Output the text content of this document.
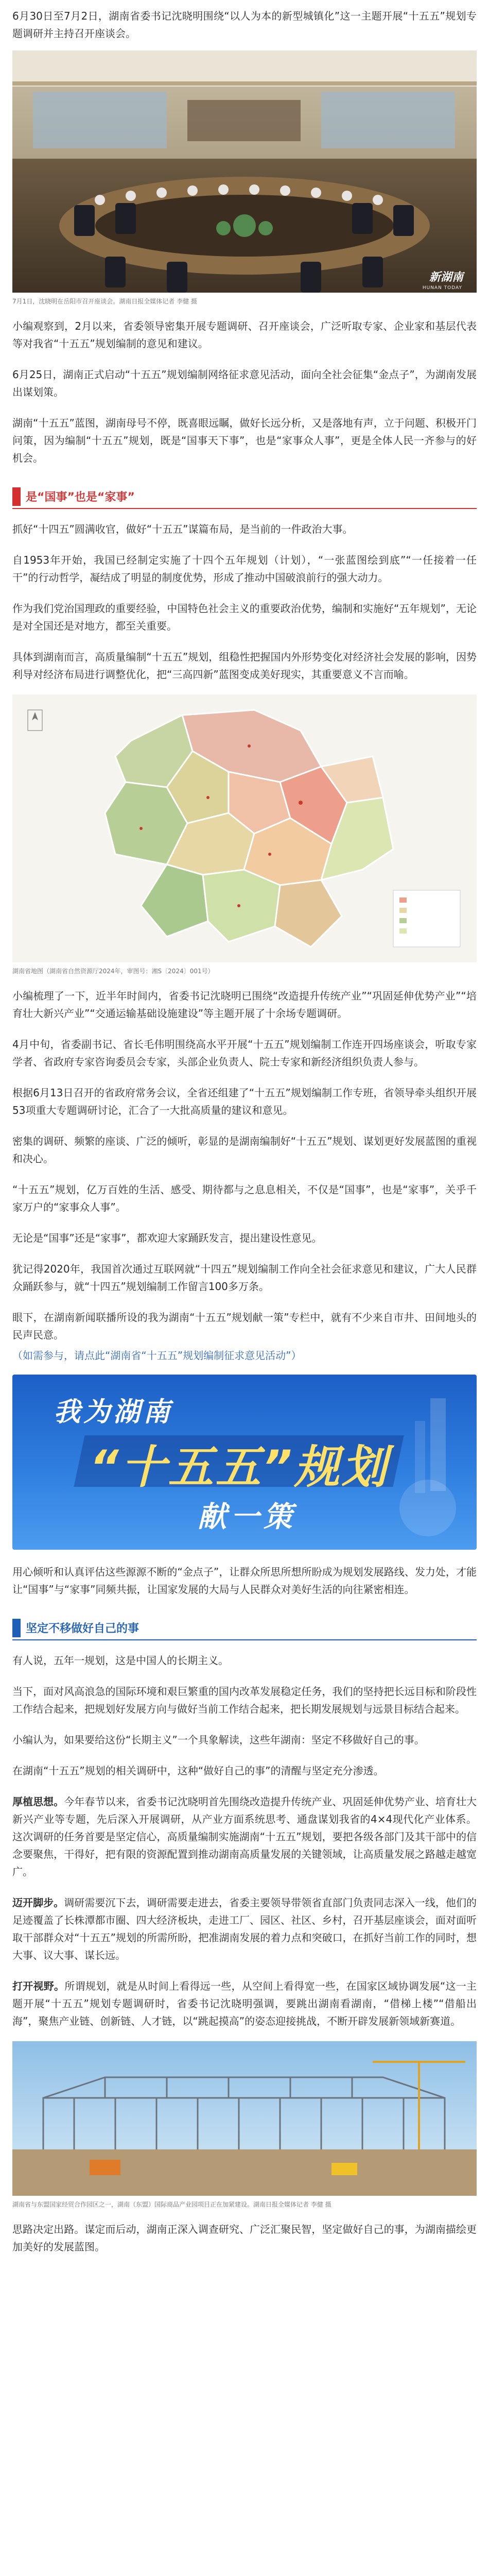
6月30日至7月2日，湖南省委书记沈晓明围绕“以人为本的新型城镇化”这一主题开展“十五五”规划专题调研并主持召开座谈会。

新湖南
HUNAN TODAY
7月1日，沈晓明在岳阳市召开座谈会。湖南日报全媒体记者 李健 摄

小编观察到，2月以来，省委领导密集开展专题调研、召开座谈会，广泛听取专家、企业家和基层代表等对我省“十五五”规划编制的意见和建议。

6月25日，湖南正式启动“十五五”规划编制网络征求意见活动，面向全社会征集“金点子”，为湖南发展出谋划策。

湖南“十五五”蓝图，湖南母号不停，既喜眼远瞩，做好长远分析，又是落地有声，立于问题、积极开门问策，因为编制“十五五”规划，既是“国事天下事”，也是“家事众人事”，更是全体人民一齐参与的好机会。

是“国事”也是“家事”

抓好“十四五”圆满收官，做好“十五五”谋篇布局，是当前的一件政治大事。

自1953年开始，我国已经制定实施了十四个五年规划（计划），“一张蓝图绘到底”“一任接着一任干”的行动哲学，凝结成了明显的制度优势，形成了推动中国破浪前行的强大动力。

作为我们党治国理政的重要经验，中国特色社会主义的重要政治优势，编制和实施好“五年规划”，无论是对全国还是对地方，都至关重要。

具体到湖南而言，高质量编制“十五五”规划，组稳性把握国内外形势变化对经济社会发展的影响，因势利导对经济布局进行调整优化，把“三高四新”蓝图变成美好现实，其重要意义不言而喻。

湖南省地图（湖南省自然资源厅2024年，审图号：湘S〔2024〕001号）

小编梳理了一下，近半年时间内，省委书记沈晓明已围绕“改造提升传统产业”“巩固延伸优势产业”“培育壮大新兴产业”“交通运输基础设施建设”等主题开展了十余场专题调研。

4月中旬，省委副书记、省长毛伟明围绕高水平开展“十五五”规划编制工作连开四场座谈会，听取专家学者、省政府专家咨询委员会专家，头部企业负责人、院士专家和新经济组织负责人参与。

根据6月13日召开的省政府常务会议，全省还组建了“十五五”规划编制工作专班，省领导牵头组织开展53项重大专题调研讨论，汇合了一大批高质量的建议和意见。

密集的调研、频繁的座谈、广泛的倾听，彰显的是湖南编制好“十五五”规划、谋划更好发展蓝图的重视和决心。

“十五五”规划，亿万百姓的生活、感受、期待都与之息息相关，不仅是“国事”，也是“家事”，关乎千家万户的“家事众人事”。

无论是“国事”还是“家事”，都欢迎大家踊跃发言，提出建设性意见。

犹记得2020年，我国首次通过互联网就“十四五”规划编制工作向全社会征求意见和建议，广大人民群众踊跃参与，就“十四五”规划编制工作留言100多万条。

眼下，在湖南新闻联播所设的我为湖南“十五五”规划献一策”专栏中，就有不少来自市井、田间地头的民声民意。

（如需参与，请点此“湖南省“十五五”规划编制征求意见活动”）

我为湖南
“十五五”规划
献一策

用心倾听和认真评估这些源源不断的“金点子”，让群众所思所想所盼成为规划发展路线、发力处，才能让“国事”与“家事”同频共振，让国家发展的大局与人民群众对美好生活的向往紧密相连。

坚定不移做好自己的事

有人说，五年一规划，这是中国人的长期主义。

当下，面对风高浪急的国际环境和艰巨繁重的国内改革发展稳定任务，我们的坚持把长远目标和阶段性工作结合起来，把规划好发展方向与做好当前工作结合起来，把长期发展规划与远景目标结合起来。

小编认为，如果要给这份“长期主义”一个具象解读，这些年湖南：坚定不移做好自己的事。

在湖南“十五五”规划的相关调研中，这种“做好自己的事”的清醒与坚定充分渗透。

厚植思想。今年春节以来，省委书记沈晓明首先围绕改造提升传统产业、巩固延伸优势产业、培育壮大新兴产业等专题，先后深入开展调研，从产业方面系统思考、通盘谋划我省的4×4现代化产业体系。这次调研的任务首要是坚定信心，高质量编制实施湖南“十五五”规划，要把各级各部门及其干部中的信念要聚焦，干得好，把有限的资源配置到推动湖南高质量发展的关键领域，让高质量发展之路越走越宽广。

迈开脚步。调研需要沉下去，调研需要走进去，省委主要领导带领省直部门负责同志深入一线，他们的足迹覆盖了长株潭都市圈、四大经济板块，走进工厂、园区、社区、乡村，召开基层座谈会，面对面听取干部群众对“十五五”规划的所需所盼，把准湖南发展的着力点和突破口，在抓好当前工作的同时，想大事、议大事、谋长远。

打开视野。所谓规划，就是从时间上看得远一些，从空间上看得宽一些，在国家区域协调发展“这一主题开展“十五五”规划专题调研时，省委书记沈晓明强调，要跳出湖南看湖南，“借梯上楼”“借船出海”，聚焦产业链、创新链、人才链，以“跳起摸高”的姿态迎接挑战，不断开辟发展新领域新赛道。

湖南省与东盟国家经贸合作园区之一，湖南（东盟）国际商品产业园项目正在加紧建设。湖南日报全媒体记者 李健 摄

思路决定出路。谋定而后动，湖南正深入调查研究、广泛汇聚民智，坚定做好自己的事，为湖南描绘更加美好的发展蓝图。
